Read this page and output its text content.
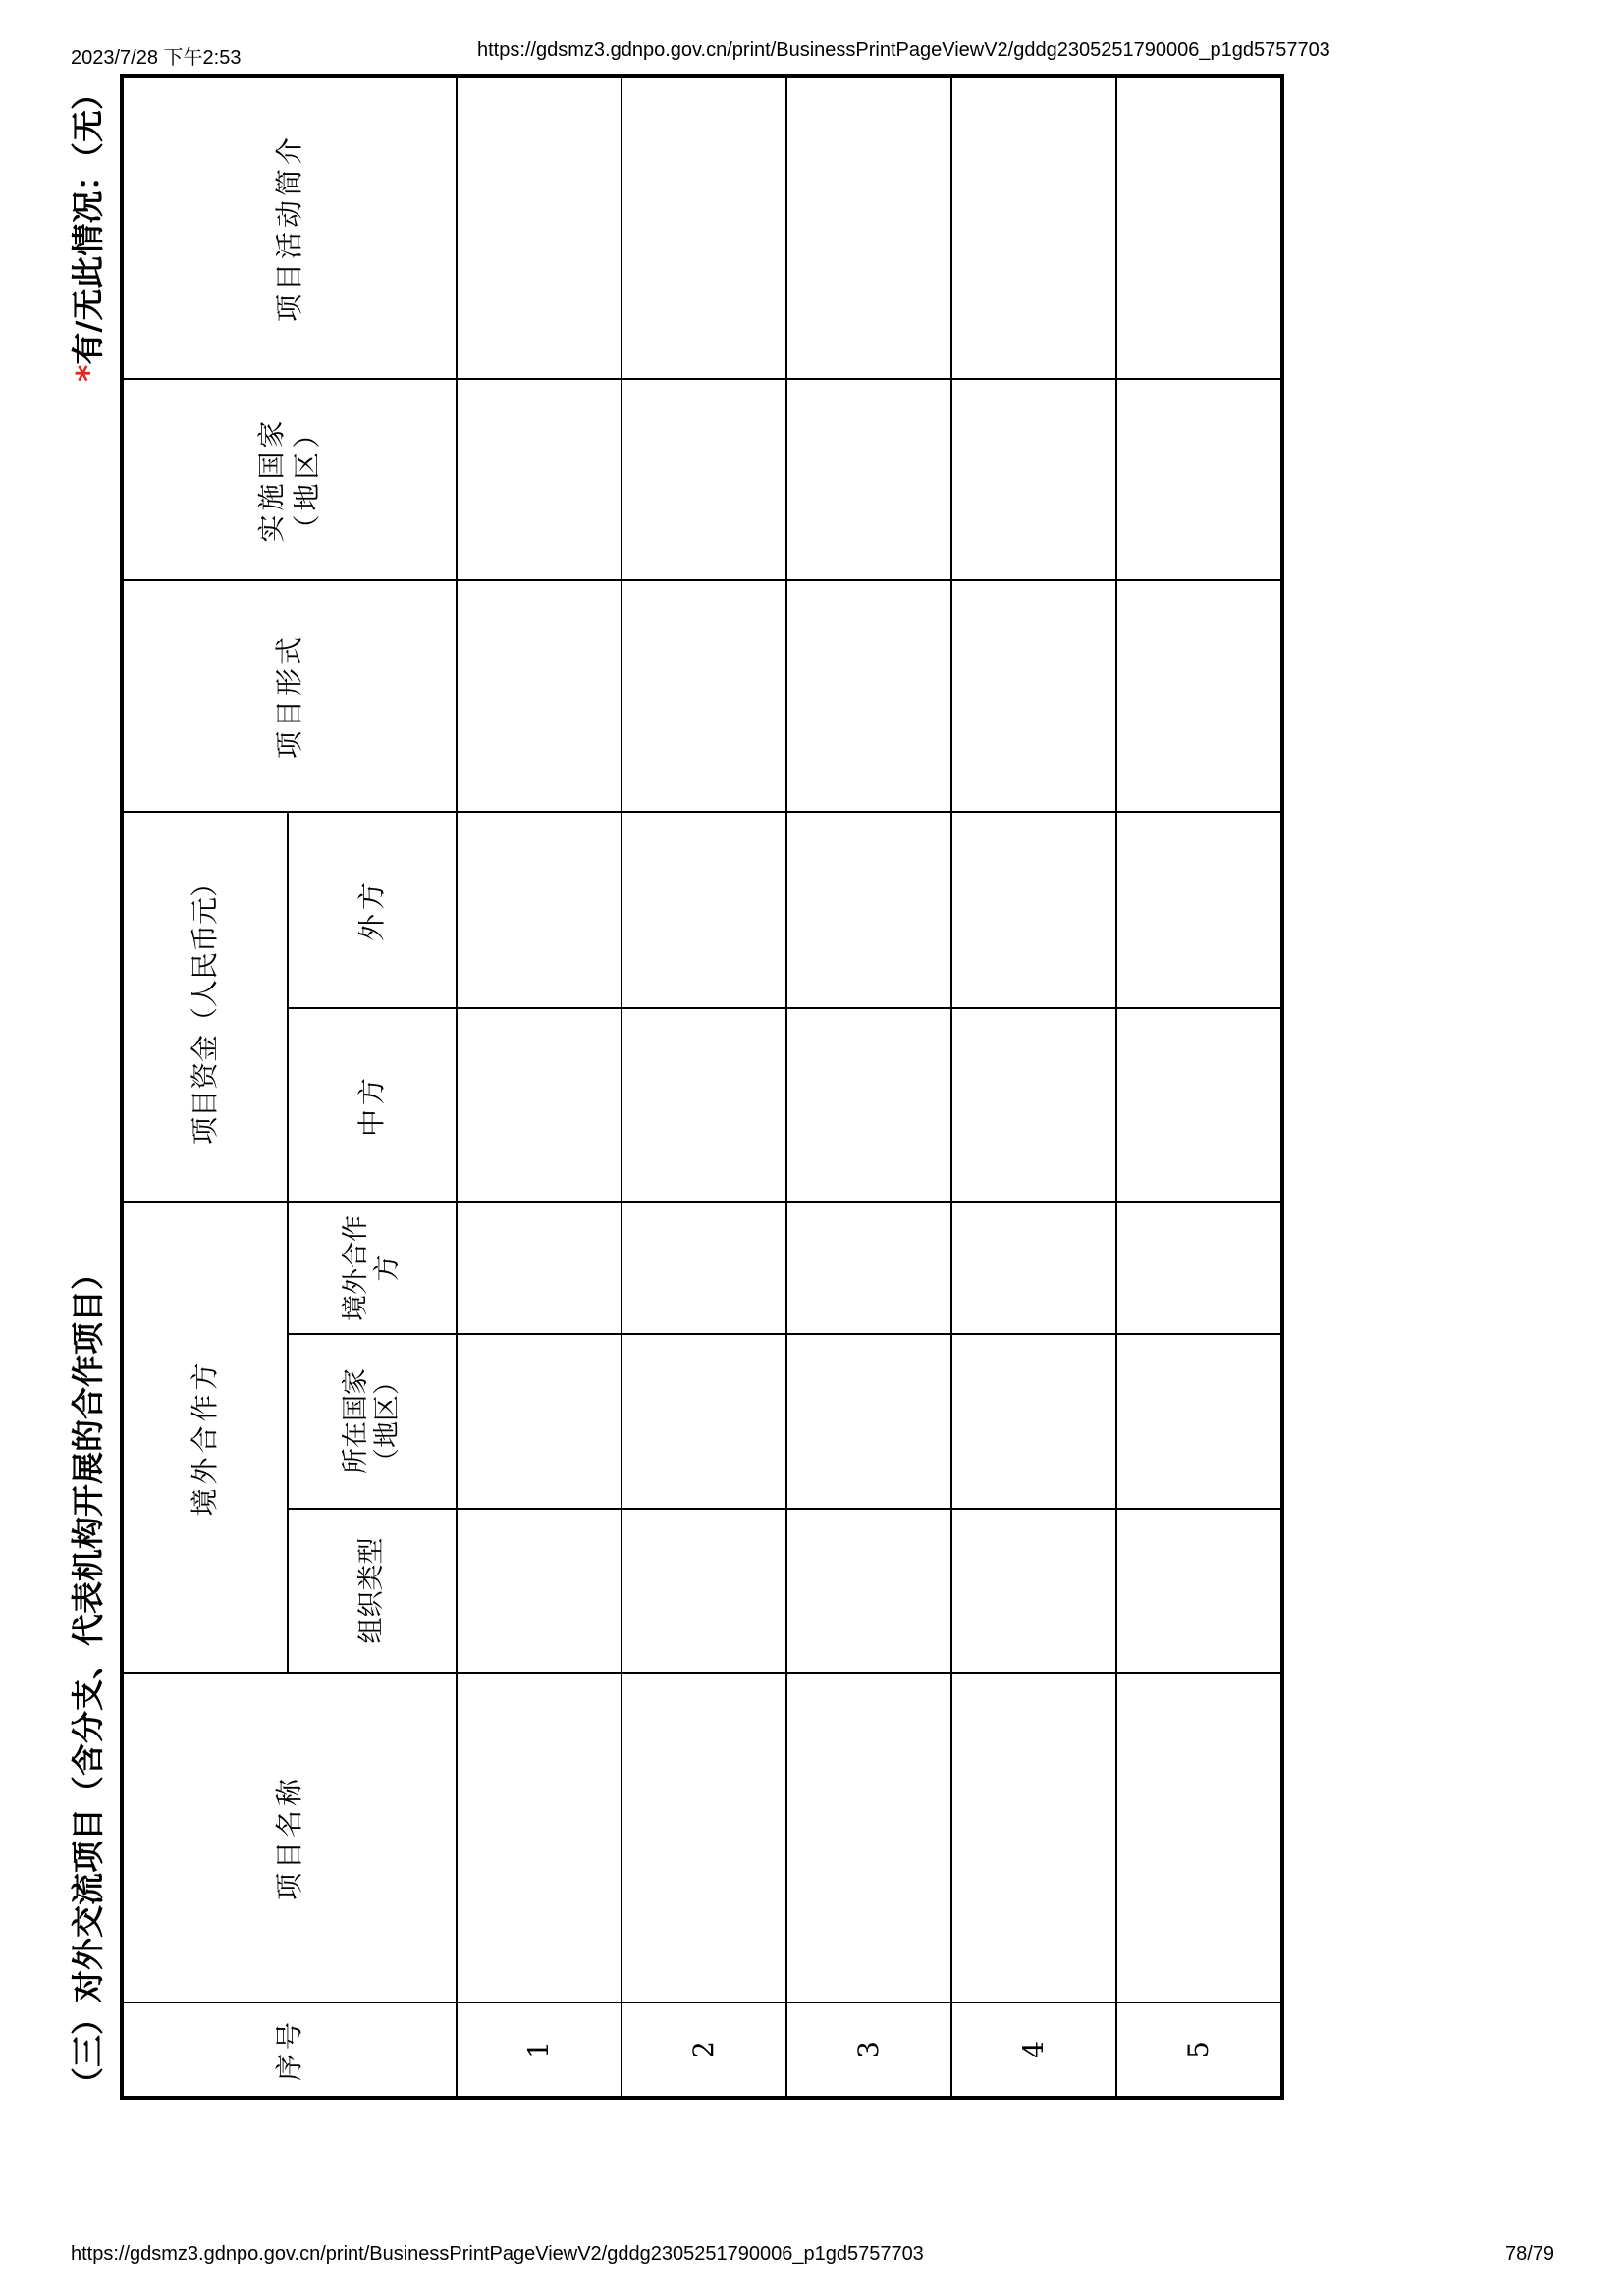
2023/7/28 下午2:53	https://gdsmz3.gdnpo.gov.cn/print/BusinessPrintPageViewV2/gddg2305251790006_p1gd5757703
（三）对外交流项目（含分支、代表机构开展的合作项目）
*有/无此情况：（无）
序号	项目名称	境外合作方			项目资金（人民币元）		项目形式	实施国家（地区）	项目活动简介
		组织类型	所在国家（地区）	境外合作方	中方	外方			
1									
2									
3									
4									
5									
https://gdsmz3.gdnpo.gov.cn/print/BusinessPrintPageViewV2/gddg2305251790006_p1gd5757703	78/79
